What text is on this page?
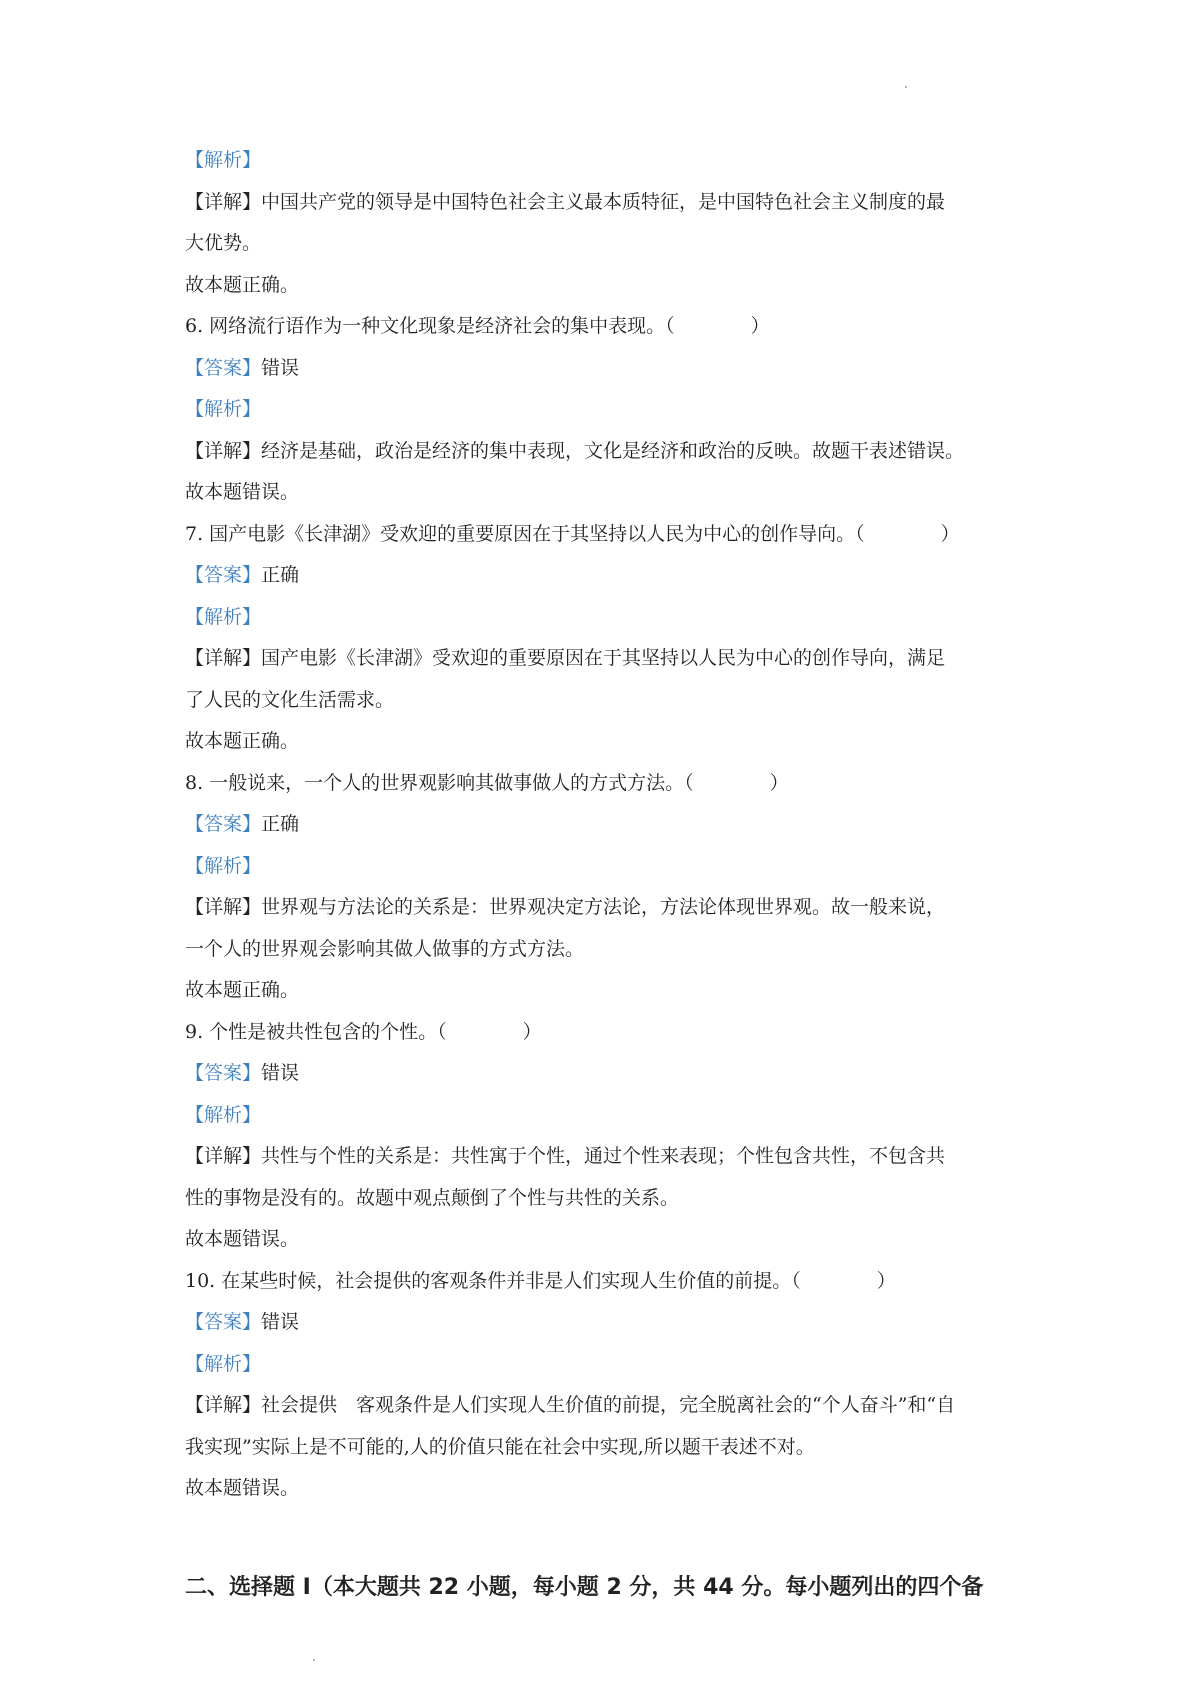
【解析】
【详解】中国共产党的领导是中国特色社会主义最本质特征，是中国特色社会主义制度的最
大优势。
故本题正确。
6. 网络流行语作为一种文化现象是经济社会的集中表现。（　　　　）
【答案】错误
【解析】
【详解】经济是基础，政治是经济的集中表现，文化是经济和政治的反映。故题干表述错误。
故本题错误。
7. 国产电影《长津湖》受欢迎的重要原因在于其坚持以人民为中心的创作导向。（　　　　）
【答案】正确
【解析】
【详解】国产电影《长津湖》受欢迎的重要原因在于其坚持以人民为中心的创作导向，满足
了人民的文化生活需求。
故本题正确。
8. 一般说来，一个人的世界观影响其做事做人的方式方法。（　　　　）
【答案】正确
【解析】
【详解】世界观与方法论的关系是：世界观决定方法论，方法论体现世界观。故一般来说，
一个人的世界观会影响其做人做事的方式方法。
故本题正确。
9. 个性是被共性包含的个性。（　　　　）
【答案】错误
【解析】
【详解】共性与个性的关系是：共性寓于个性，通过个性来表现；个性包含共性，不包含共
性的事物是没有的。故题中观点颠倒了个性与共性的关系。
故本题错误。
10. 在某些时候，社会提供的客观条件并非是人们实现人生价值的前提。（　　　　）
【答案】错误
【解析】
【详解】社会提供　客观条件是人们实现人生价值的前提，完全脱离社会的“个人奋斗”和“自
我实现”实际上是不可能的,人的价值只能在社会中实现,所以题干表述不对。
故本题错误。
二、选择题 I（本大题共 22 小题，每小题 2 分，共 44 分。每小题列出的四个备
